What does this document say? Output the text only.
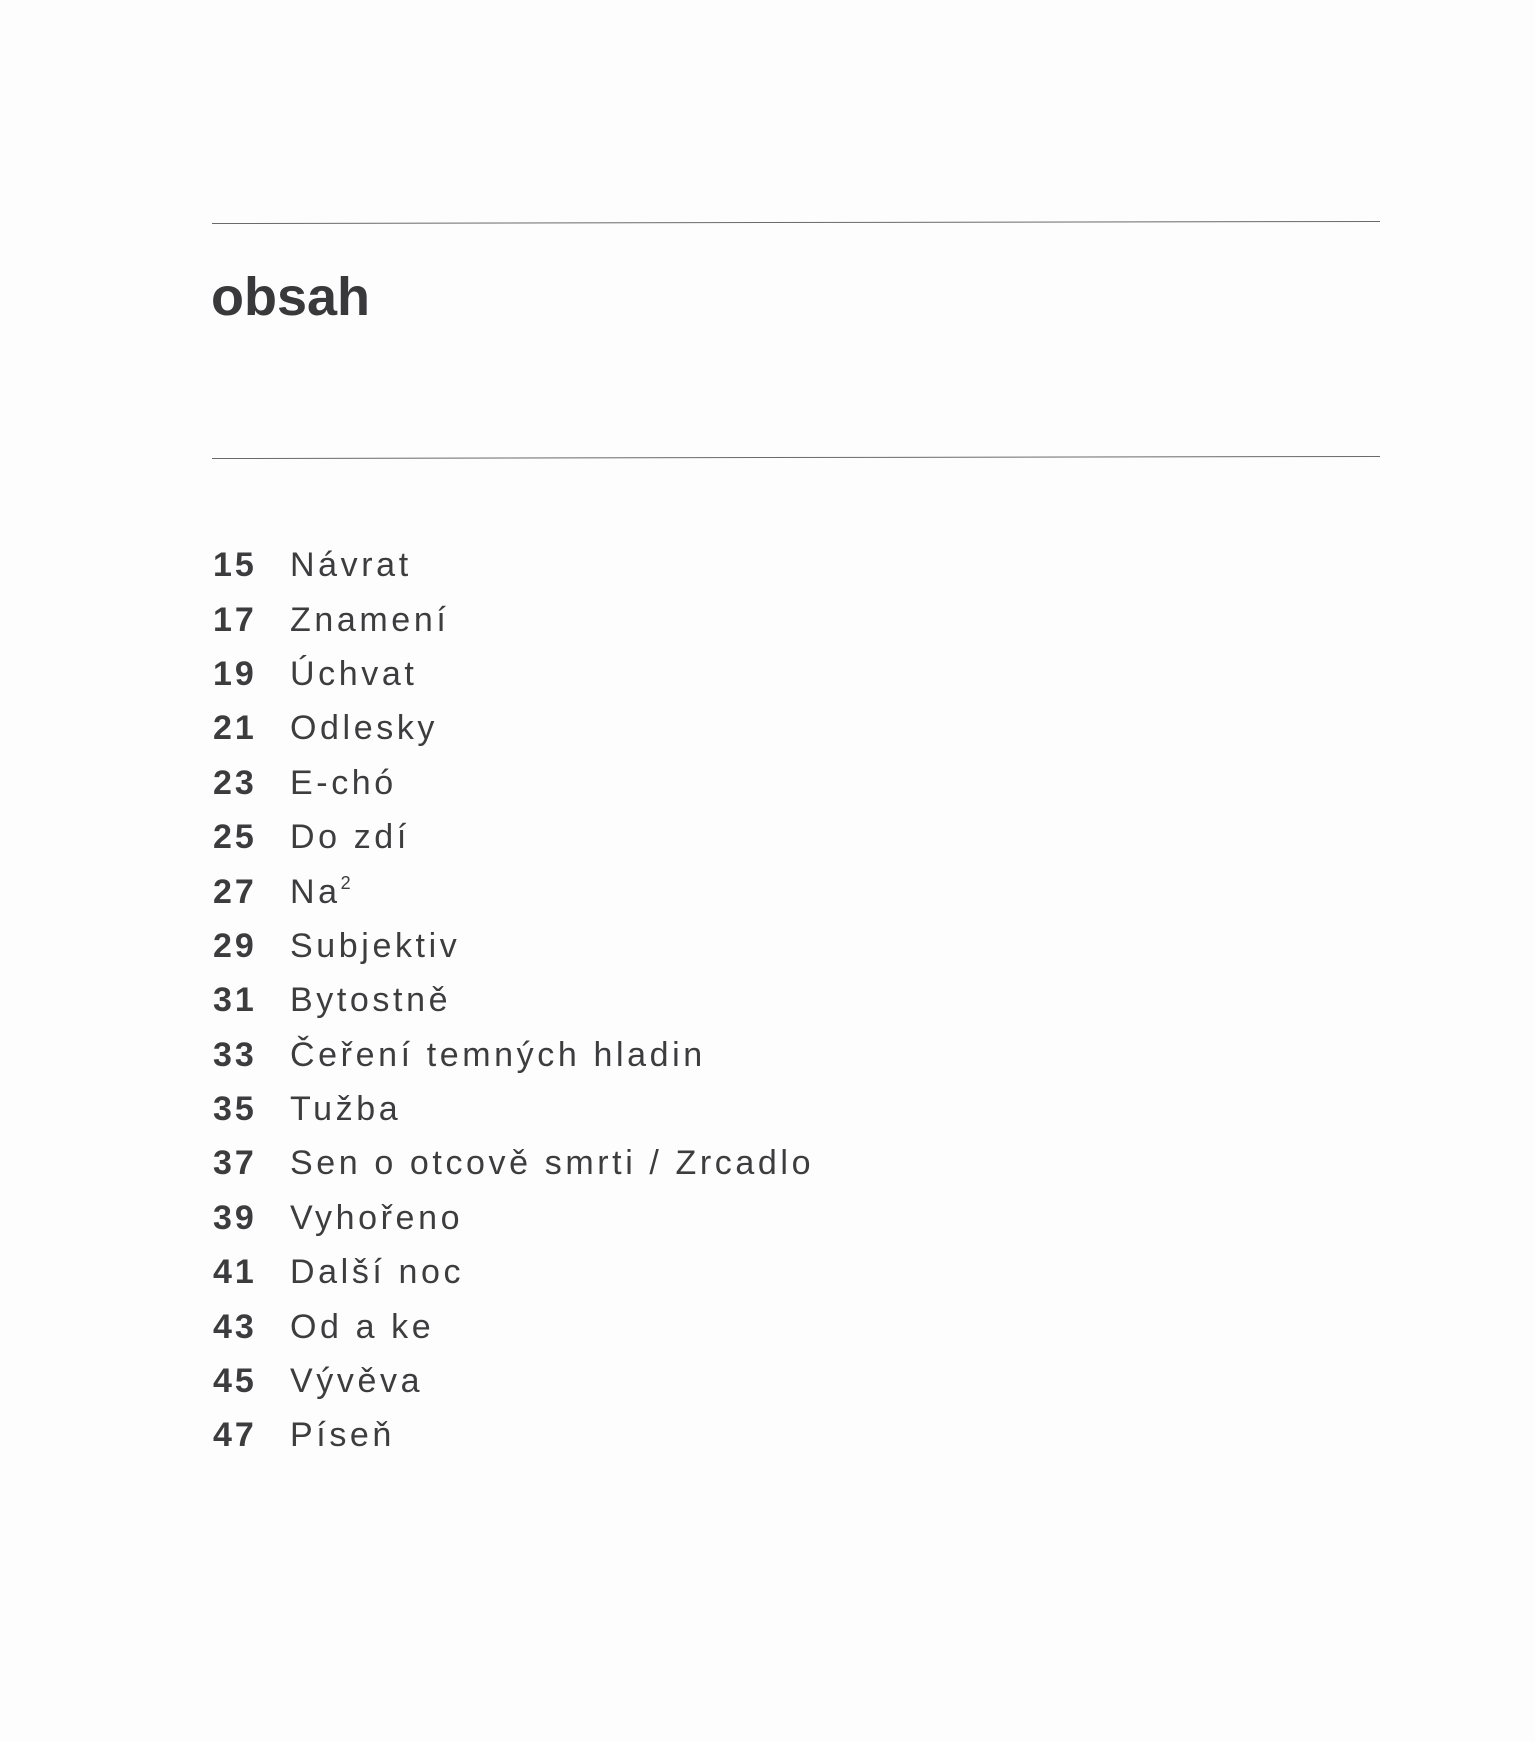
obsah
15 Návrat
17 Znamení
19 Úchvat
21 Odlesky
23 E-chó
25 Do zdí
27 Na$^2$
29 Subjektiv
31 Bytostně
33 Čeření temných hladin
35 Tužba
37 Sen o otcově smrti / Zrcadlo
39 Vyhořeno
41 Další noc
43 Od a ke
45 Vývěva
47 Píseň
